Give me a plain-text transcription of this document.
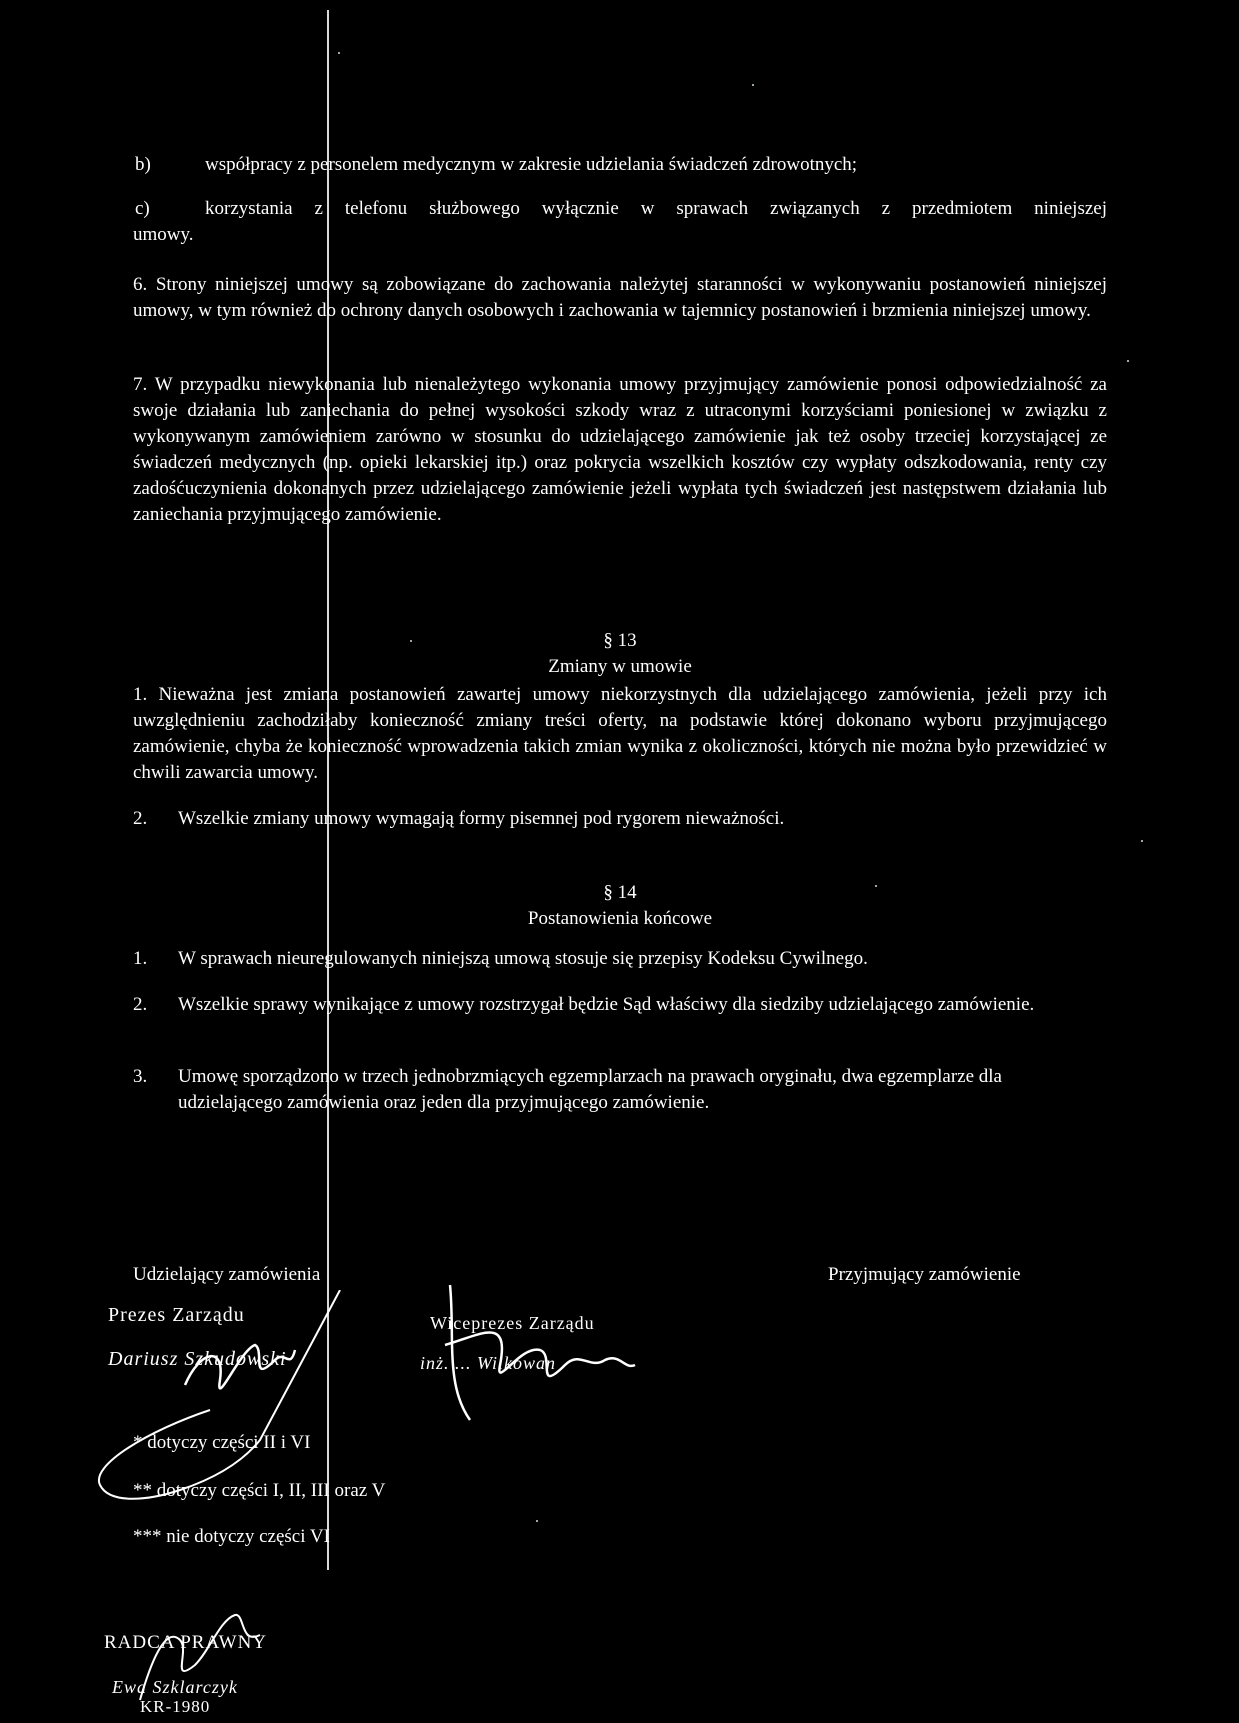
b)	współpracy z personelem medycznym w zakresie udzielania świadczeń zdrowotnych;
c)	korzystania z telefonu służbowego wyłącznie w sprawach związanych z przedmiotem niniejszej
umowy.
6. Strony niniejszej umowy są zobowiązane do zachowania należytej staranności w wykonywaniu postanowień niniejszej umowy, w tym również do ochrony danych osobowych i zachowania w tajemnicy postanowień i brzmienia niniejszej umowy.
7. W przypadku niewykonania lub nienależytego wykonania umowy przyjmujący zamówienie ponosi odpowiedzialność za swoje działania lub zaniechania do pełnej wysokości szkody wraz z utraconymi korzyściami poniesionej w związku z wykonywanym zamówieniem zarówno w stosunku do udzielającego zamówienie jak też osoby trzeciej korzystającej ze świadczeń medycznych (np. opieki lekarskiej itp.) oraz pokrycia wszelkich kosztów czy wypłaty odszkodowania, renty czy zadośćuczynienia dokonanych przez udzielającego zamówienie jeżeli wypłata tych świadczeń jest następstwem działania lub zaniechania przyjmującego zamówienie.
§ 13
Zmiany w umowie
1. Nieważna jest zmiana postanowień zawartej umowy niekorzystnych dla udzielającego zamówienia, jeżeli przy ich uwzględnieniu zachodziłaby konieczność zmiany treści oferty, na podstawie której dokonano wyboru przyjmującego zamówienie, chyba że konieczność wprowadzenia takich zmian wynika z okoliczności, których nie można było przewidzieć w chwili zawarcia umowy.
2. Wszelkie zmiany umowy wymagają formy pisemnej pod rygorem nieważności.
§ 14
Postanowienia końcowe
1. W sprawach nieuregulowanych niniejszą umową stosuje się przepisy Kodeksu Cywilnego.
2. Wszelkie sprawy wynikające z umowy rozstrzygał będzie Sąd właściwy dla siedziby udzielającego zamówienie.
3. Umowę sporządzono w trzech jednobrzmiących egzemplarzach na prawach oryginału, dwa egzemplarze dla udzielającego zamówienia oraz jeden dla przyjmującego zamówienie.
Udzielający zamówienia	Przyjmujący zamówienie
Prezes Zarządu
Dariusz Szkudowski
Wiceprezes Zarządu
inż. ... Wilkowan
* dotyczy części II i VI
** dotyczy części I, II, III oraz V
*** nie dotyczy części VI
RADCA PRAWNY
Ewa Szklarczyk
KR-1980
